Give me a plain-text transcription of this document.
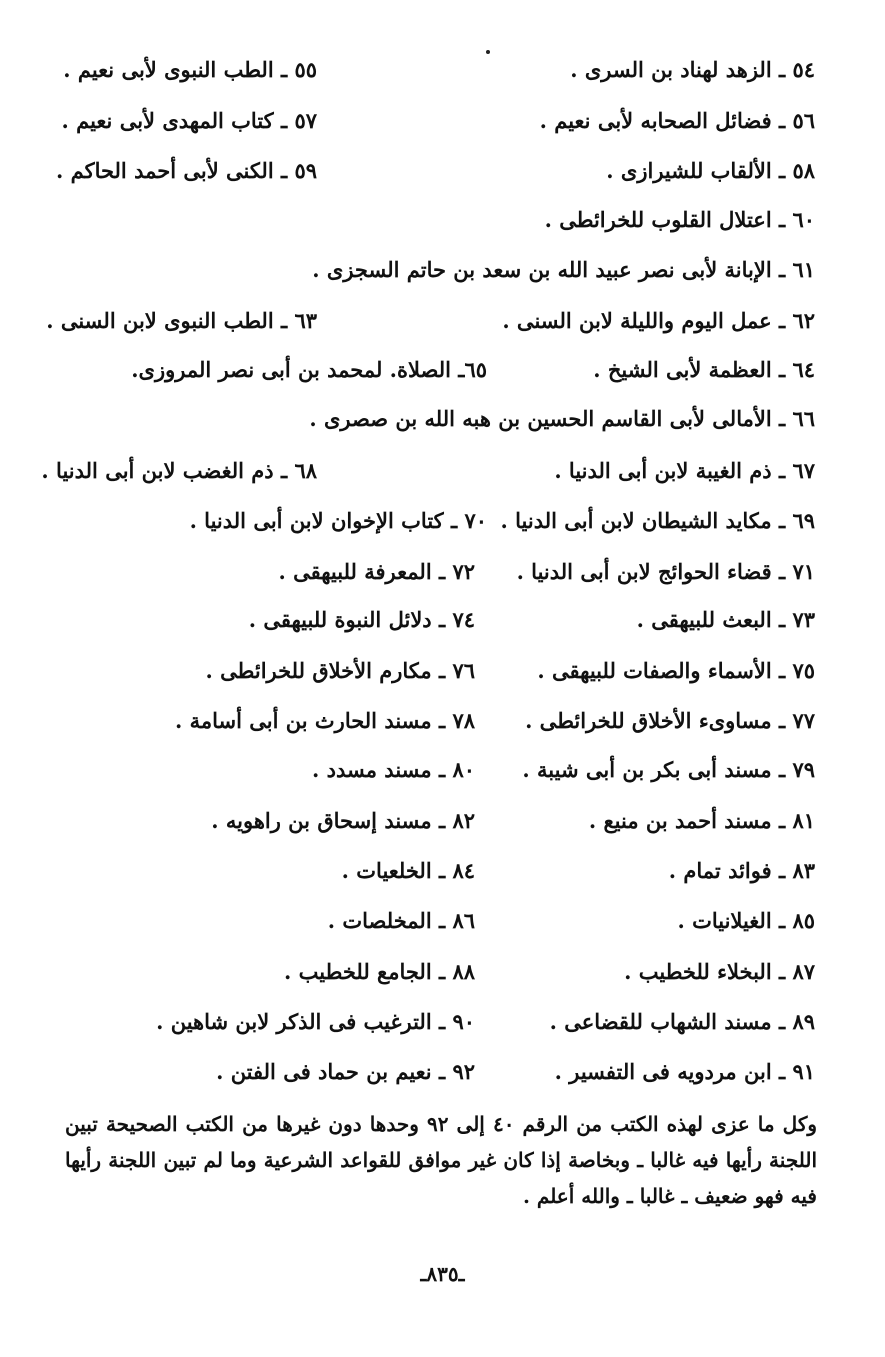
٥٤ ـ الزهد لهناد بن السرى .
٥٥ ـ الطب النبوى لأبى نعيم .
٥٦ ـ فضائل الصحابه لأبى نعيم .
٥٧ ـ كتاب المهدى لأبى نعيم .
٥٨ ـ الألقاب للشيرازى .
٥٩ ـ الكنى لأبى أحمد الحاكم .
٦٠ ـ اعتلال القلوب للخرائطى .
٦١ ـ الإبانة لأبى نصر عبيد الله بن سعد بن حاتم السجزى .
٦٢ ـ عمل اليوم والليلة لابن السنى .
٦٣ ـ الطب النبوى لابن السنى .
٦٤ ـ العظمة لأبى الشيخ .
٦٥ـ الصلاة. لمحمد بن أبى نصر المروزى.
٦٦ ـ الأمالى لأبى القاسم الحسين بن هبه الله بن صصرى .
٦٧ ـ ذم الغيبة لابن أبى الدنيا .
٦٨ ـ ذم الغضب لابن أبى الدنيا .
٦٩ ـ مكايد الشيطان لابن أبى الدنيا .
٧٠ ـ كتاب الإخوان لابن أبى الدنيا .
٧١ ـ قضاء الحوائج لابن أبى الدنيا .
٧٢ ـ المعرفة للبيهقى .
٧٣ ـ البعث للبيهقى .
٧٤ ـ دلائل النبوة للبيهقى .
٧٥ ـ الأسماء والصفات للبيهقى .
٧٦ ـ مكارم الأخلاق للخرائطى .
٧٧ ـ مساوىء الأخلاق للخرائطى .
٧٨ ـ مسند الحارث بن أبى أسامة .
٧٩ ـ مسند أبى بكر بن أبى شيبة .
٨٠ ـ مسند مسدد .
٨١ ـ مسند أحمد بن منيع .
٨٢ ـ مسند إسحاق بن راهويه .
٨٣ ـ فوائد تمام .
٨٤ ـ الخلعيات .
٨٥ ـ الغيلانيات .
٨٦ ـ المخلصات .
٨٧ ـ البخلاء للخطيب .
٨٨ ـ الجامع للخطيب .
٨٩ ـ مسند الشهاب للقضاعى .
٩٠ ـ الترغيب فى الذكر لابن شاهين .
٩١ ـ ابن مردويه فى التفسير .
٩٢ ـ نعيم بن حماد فى الفتن .

وكل ما عزى لهذه الكتب من الرقم ٤٠ إلى ٩٢ وحدها دون غيرها من الكتب الصحيحة تبين اللجنة رأيها فيه غالبا ـ وبخاصة إذا كان غير موافق للقواعد الشرعية وما لم تبين اللجنة رأيها فيه فهو ضعيف ـ غالبا ـ والله أعلم .

ـ٨٣٥ـ
